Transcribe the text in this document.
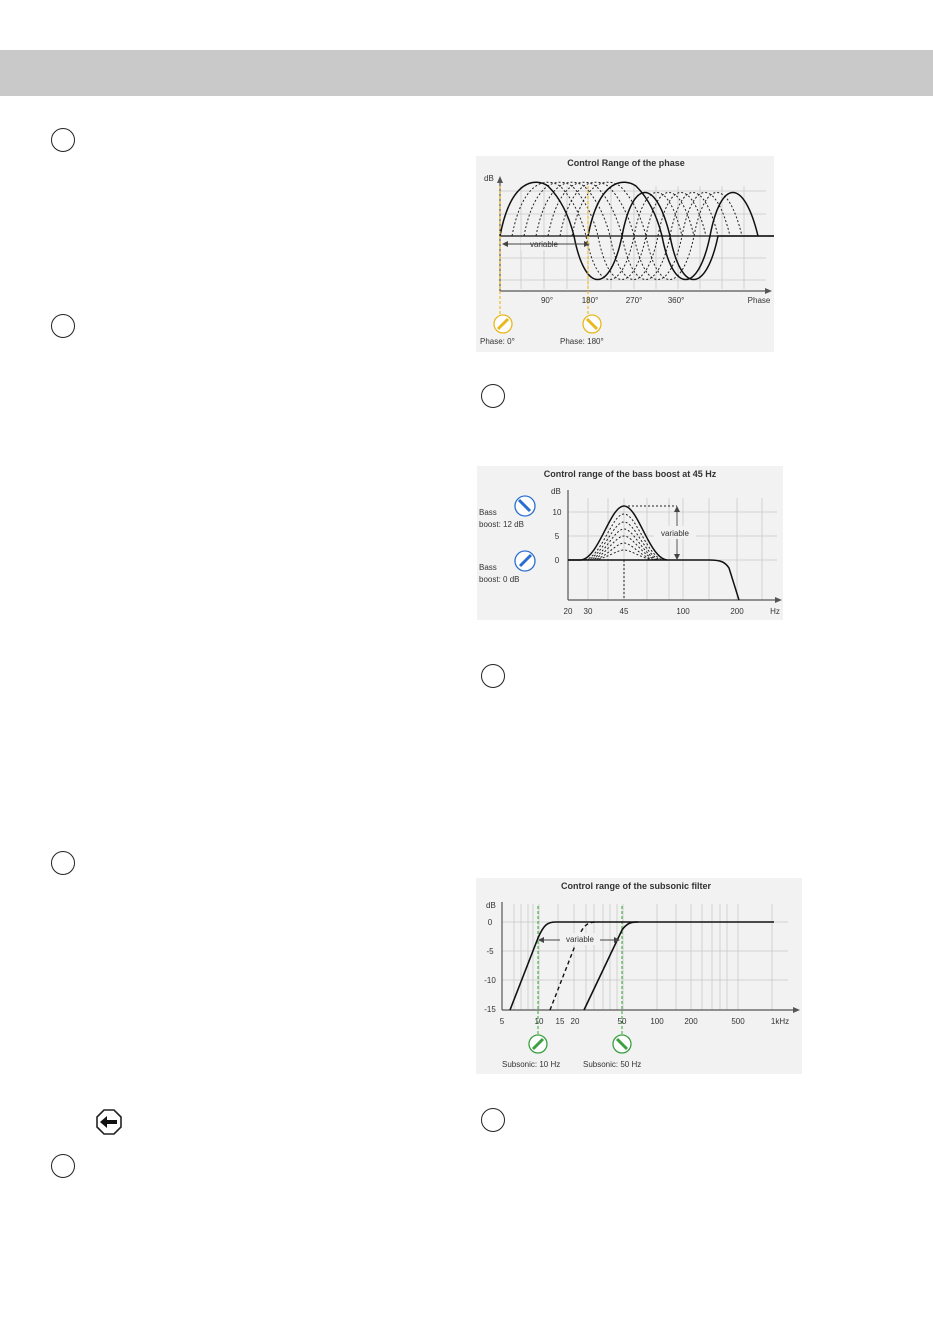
Control Range of the phase
dB
variable
90°	180°	270°	360°	Phase
Phase: 0°	Phase: 180°
Control range of the bass boost at 45 Hz
dB
10
5
0
variable
20 30	45	100	200	Hz
Bass
boost: 12 dB
Bass
boost: 0 dB
Control range of the subsonic filter
dB
0
-5
-10
-15
variable
5	10 15 20	50	100	200	500	1kHz
Subsonic: 10 Hz	Subsonic: 50 Hz
